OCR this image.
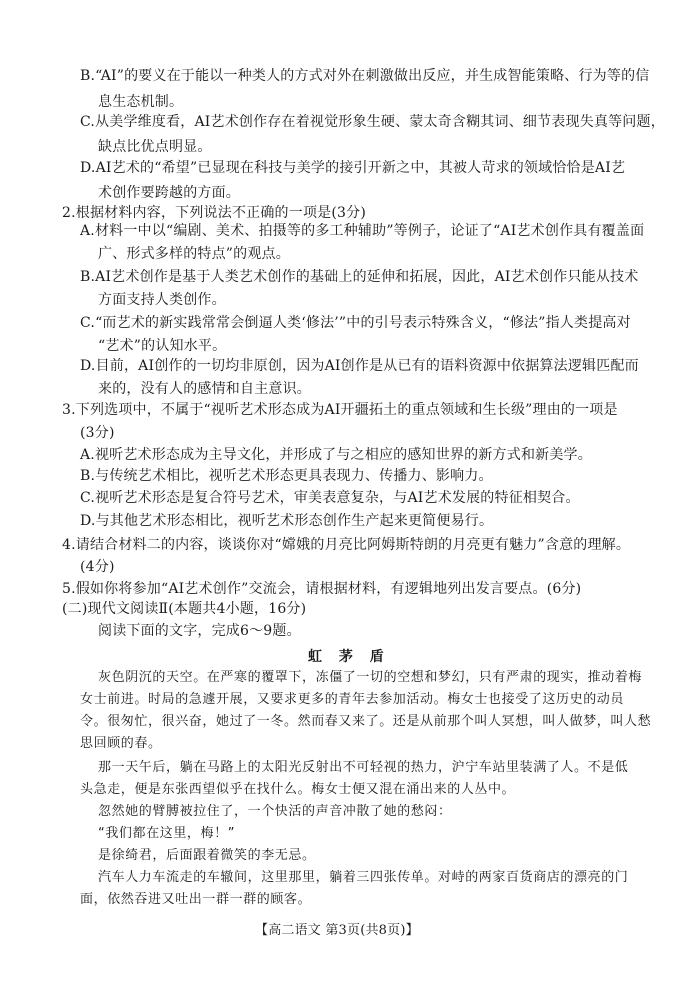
B.“AI”的要义在于能以一种类人的方式对外在刺激做出反应，并生成智能策略、行为等的信
息生态机制。
C.从美学维度看，AI艺术创作存在着视觉形象生硬、蒙太奇含糊其词、细节表现失真等问题，
缺点比优点明显。
D.AI艺术的“希望”已显现在科技与美学的接引开新之中，其被人苛求的领域恰恰是AI艺
术创作要跨越的方面。
2.根据材料内容，下列说法不正确的一项是(3分)
A.材料一中以“编剧、美术、拍摄等的多工种辅助”等例子，论证了“AI艺术创作具有覆盖面
广、形式多样的特点”的观点。
B.AI艺术创作是基于人类艺术创作的基础上的延伸和拓展，因此，AI艺术创作只能从技术
方面支持人类创作。
C.“而艺术的新实践常常会倒逼人类‘修法’”中的引号表示特殊含义，“修法”指人类提高对
“艺术”的认知水平。
D.目前，AI创作的一切均非原创，因为AI创作是从已有的语料资源中依据算法逻辑匹配而
来的，没有人的感情和自主意识。
3.下列选项中，不属于“视听艺术形态成为AI开疆拓土的重点领域和生长级”理由的一项是
(3分)
A.视听艺术形态成为主导文化，并形成了与之相应的感知世界的新方式和新美学。
B.与传统艺术相比，视听艺术形态更具表现力、传播力、影响力。
C.视听艺术形态是复合符号艺术，审美表意复杂，与AI艺术发展的特征相契合。
D.与其他艺术形态相比，视听艺术形态创作生产起来更简便易行。
4.请结合材料二的内容，谈谈你对“嫦娥的月亮比阿姆斯特朗的月亮更有魅力”含意的理解。
(4分)
5.假如你将参加“AI艺术创作”交流会，请根据材料，有逻辑地列出发言要点。(6分)
(二)现代文阅读Ⅱ(本题共4小题，16分)
阅读下面的文字，完成6～9题。
虹 茅 盾
灰色阴沉的天空。在严寒的覆罩下，冻僵了一切的空想和梦幻，只有严肃的现实，推动着梅
女士前进。时局的急遽开展，又要求更多的青年去参加活动。梅女士也接受了这历史的动员
令。很匆忙，很兴奋，她过了一冬。然而春又来了。还是从前那个叫人冥想，叫人做梦，叫人愁
思回顾的春。
那一天午后，躺在马路上的太阳光反射出不可轻视的热力，沪宁车站里装满了人。不是低
头急走，便是东张西望似乎在找什么。梅女士便又混在涌出来的人丛中。
忽然她的臂膊被拉住了，一个快活的声音冲散了她的愁闷：
“我们都在这里，梅！”
是徐绮君，后面跟着微笑的李无忌。
汽车人力车流走的车辙间，这里那里，躺着三四张传单。对峙的两家百货商店的漂亮的门
面，依然吞进又吐出一群一群的顾客。
【高二语文 第3页(共8页)】
